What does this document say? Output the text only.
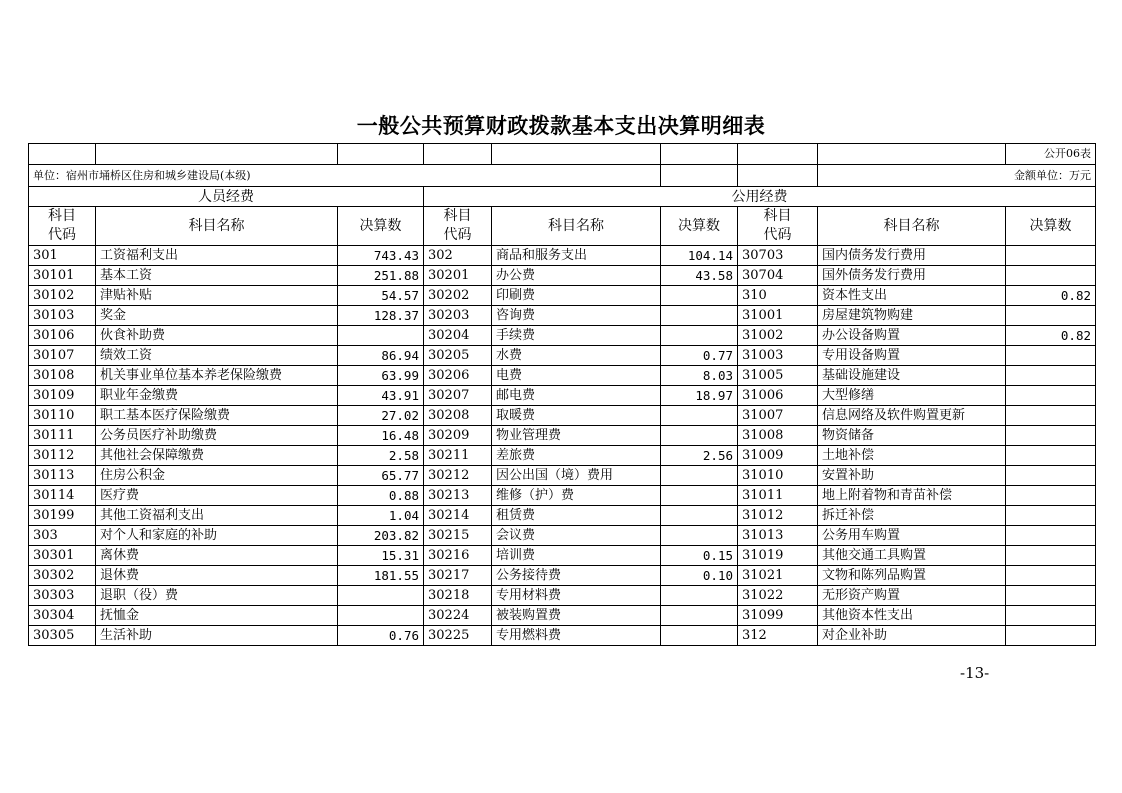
一般公共预算财政拨款基本支出决算明细表
								公开06表
单位：宿州市埇桥区住房和城乡建设局(本级)							金额单位：万元	
人员经费			公用经费					
科目
代码	科目名称	决算数	科目
代码	科目名称	决算数	科目
代码	科目名称	决算数
301	工资福利支出	743.43	302	商品和服务支出	104.14	30703	国内债务发行费用	
30101	基本工资	251.88	30201	办公费	43.58	30704	国外债务发行费用	
30102	津贴补贴	54.57	30202	印刷费		310	资本性支出	0.82
30103	奖金	128.37	30203	咨询费		31001	房屋建筑物购建	
30106	伙食补助费		30204	手续费		31002	办公设备购置	0.82
30107	绩效工资	86.94	30205	水费	0.77	31003	专用设备购置	
30108	机关事业单位基本养老保险缴费	63.99	30206	电费	8.03	31005	基础设施建设	
30109	职业年金缴费	43.91	30207	邮电费	18.97	31006	大型修缮	
30110	职工基本医疗保险缴费	27.02	30208	取暖费		31007	信息网络及软件购置更新	
30111	公务员医疗补助缴费	16.48	30209	物业管理费		31008	物资储备	
30112	其他社会保障缴费	2.58	30211	差旅费	2.56	31009	土地补偿	
30113	住房公积金	65.77	30212	因公出国（境）费用		31010	安置补助	
30114	医疗费	0.88	30213	维修（护）费		31011	地上附着物和青苗补偿	
30199	其他工资福利支出	1.04	30214	租赁费		31012	拆迁补偿	
303	对个人和家庭的补助	203.82	30215	会议费		31013	公务用车购置	
30301	离休费	15.31	30216	培训费	0.15	31019	其他交通工具购置	
30302	退休费	181.55	30217	公务接待费	0.10	31021	文物和陈列品购置	
30303	退职（役）费		30218	专用材料费		31022	无形资产购置	
30304	抚恤金		30224	被装购置费		31099	其他资本性支出	
30305	生活补助	0.76	30225	专用燃料费		312	对企业补助	
-13-
